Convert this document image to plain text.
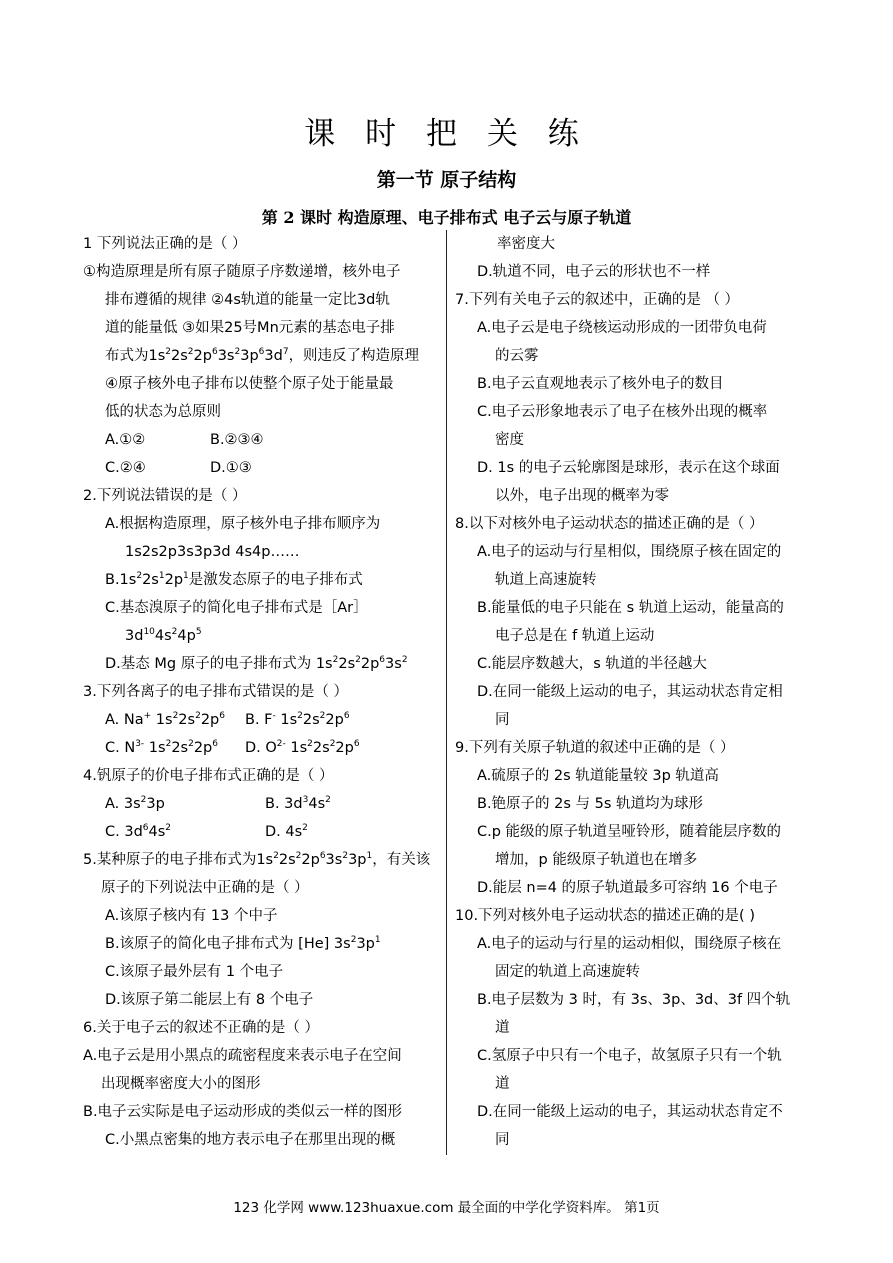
课 时 把 关 练
第一节 原子结构
第 2 课时 构造原理、电子排布式 电子云与原子轨道
1 下列说法正确的是（ ）
①构造原理是所有原子随原子序数递增，核外电子
排布遵循的规律 ②4s轨道的能量一定比3d轨
道的能量低 ③如果25号Mn元素的基态电子排
布式为$1s^22s^22p^63s^23p^63d^7$，则违反了构造原理
④原子核外电子排布以使整个原子处于能量最
低的状态为总原则
A.①②	B.②③④
C.②④	D.①③
2.下列说法错误的是（ ）
A.根据构造原理，原子核外电子排布顺序为
1s2s2p3s3p3d 4s4p……
$B.1s^22s^12p^1$是激发态原子的电子排布式
C.基态溴原子的简化电子排布式是［Ar］
$3d^{10}4s^24p^5$
D.基态 Mg 原子的电子排布式为 $1s^22s^22p^63s^2$
3.下列各离子的电子排布式错误的是（ ）
A. Na+ $1s^22s^22p^6$ B. F- $1s^22s^22p^6$
C. $N^{3-}$ $1s^22s^22p^6$ D. $O^{2-}$ $1s^22s^22p^6$
4.钒原子的价电子排布式正确的是（ ）
A. $3s^23p$	B. $3d^34s^2$
C. $3d^64s^2$	D. $4s^2$
5.某种原子的电子排布式为$1s^22s^22p^63s^23p^1$，有关该
原子的下列说法中正确的是（ ）
A.该原子核内有 13 个中子
B.该原子的简化电子排布式为 [He] $3s^23p^1$
C.该原子最外层有 1 个电子
D.该原子第二能层上有 8 个电子
6.关于电子云的叙述不正确的是（ ）
A.电子云是用小黑点的疏密程度来表示电子在空间
出现概率密度大小的图形
B.电子云实际是电子运动形成的类似云一样的图形
C.小黑点密集的地方表示电子在那里出现的概
率密度大
D.轨道不同，电子云的形状也不一样
7.下列有关电子云的叙述中，正确的是 （ ）
A.电子云是电子绕核运动形成的一团带负电荷
的云雾
B.电子云直观地表示了核外电子的数目
C.电子云形象地表示了电子在核外出现的概率
密度
D. 1s 的电子云轮廓图是球形，表示在这个球面
以外，电子出现的概率为零
8.以下对核外电子运动状态的描述正确的是（ ）
A.电子的运动与行星相似，围绕原子核在固定的
轨道上高速旋转
B.能量低的电子只能在 s 轨道上运动，能量高的
电子总是在 f 轨道上运动
C.能层序数越大，s 轨道的半径越大
D.在同一能级上运动的电子，其运动状态肯定相
同
9.下列有关原子轨道的叙述中正确的是（ ）
A.硫原子的 2s 轨道能量较 3p 轨道高
B.铯原子的 2s 与 5s 轨道均为球形
C.p 能级的原子轨道呈哑铃形，随着能层序数的
增加，p 能级原子轨道也在增多
D.能层 n=4 的原子轨道最多可容纳 16 个电子
10.下列对核外电子运动状态的描述正确的是( )
A.电子的运动与行星的运动相似，围绕原子核在
固定的轨道上高速旋转
B.电子层数为 3 时，有 3s、3p、3d、3f 四个轨
道
C.氢原子中只有一个电子，故氢原子只有一个轨
道
D.在同一能级上运动的电子，其运动状态肯定不
同
123 化学网 www.123huaxue.com 最全面的中学化学资料库。 第1页
